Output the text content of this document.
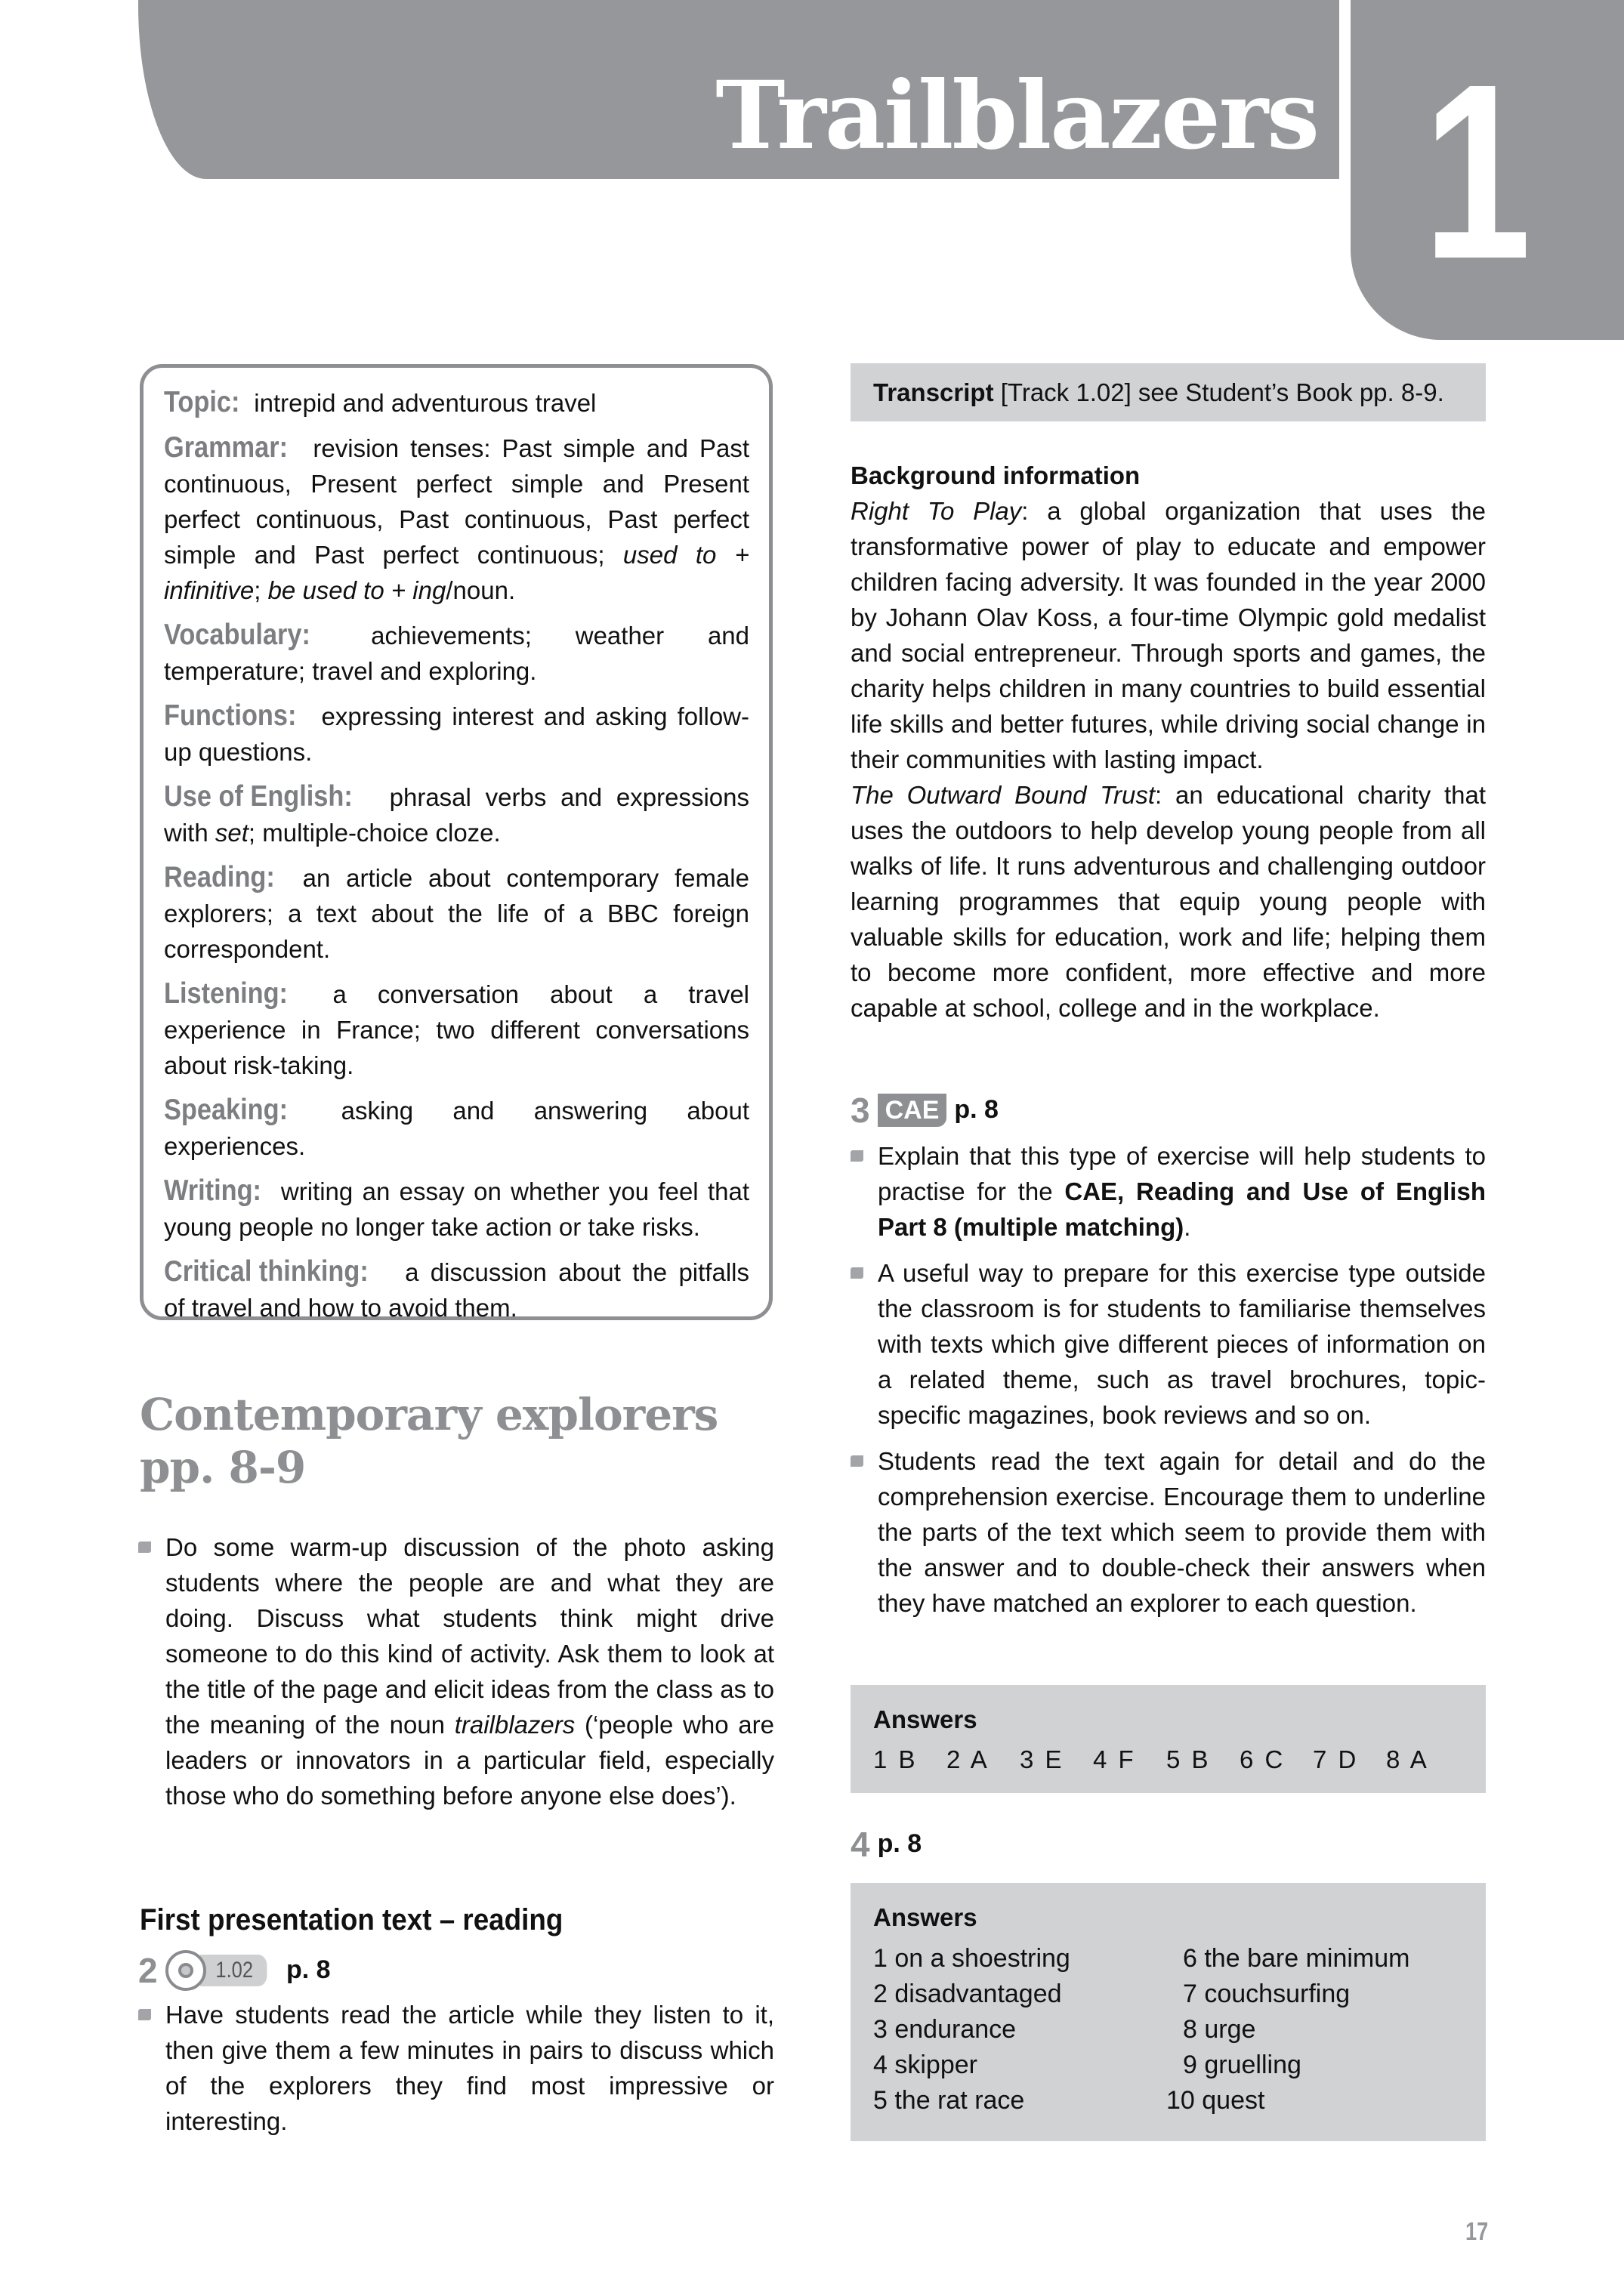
Trailblazers 1

Topic: intrepid and adventurous travel

Grammar: revision tenses: Past simple and Past continuous, Present perfect simple and Present perfect continuous, Past continuous, Past perfect simple and Past perfect continuous; used to + infinitive; be used to + ing/noun.

Vocabulary: achievements; weather and temperature; travel and exploring.

Functions: expressing interest and asking follow-up questions.

Use of English: phrasal verbs and expressions with set; multiple-choice cloze.

Reading: an article about contemporary female explorers; a text about the life of a BBC foreign correspondent.

Listening: a conversation about a travel experience in France; two different conversations about risk-taking.

Speaking: asking and answering about experiences.

Writing: writing an essay on whether you feel that young people no longer take action or take risks.

Critical thinking: a discussion about the pitfalls of travel and how to avoid them.

Contemporary explorers
pp. 8-9
Do some warm-up discussion of the photo asking students where the people are and what they are doing. Discuss what students think might drive someone to do this kind of activity. Ask them to look at the title of the page and elicit ideas from the class as to the meaning of the noun trailblazers (‘people who are leaders or innovators in a particular field, especially those who do something before anyone else does’).
First presentation text – reading
2	1.02	p. 8
Have students read the article while they listen to it, then give them a few minutes in pairs to discuss which of the explorers they find most impressive or interesting.
Transcript [Track 1.02] see Student’s Book pp. 8-9.
Background information

Right To Play: a global organization that uses the transformative power of play to educate and empower children facing adversity. It was founded in the year 2000 by Johann Olav Koss, a four-time Olympic gold medalist and social entrepreneur. Through sports and games, the charity helps children in many countries to build essential life skills and better futures, while driving social change in their communities with lasting impact.

The Outward Bound Trust: an educational charity that uses the outdoors to help develop young people from all walks of life. It runs adventurous and challenging outdoor learning programmes that equip young people with valuable skills for education, work and life; helping them to become more confident, more effective and more capable at school, college and in the workplace.

3 CAE p. 8
Explain that this type of exercise will help students to practise for the CAE, Reading and Use of English Part 8 (multiple matching).
A useful way to prepare for this exercise type outside the classroom is for students to familiarise themselves with texts which give different pieces of information on a related theme, such as travel brochures, topic-specific magazines, book reviews and so on.
Students read the text again for detail and do the comprehension exercise. Encourage them to underline the parts of the text which seem to provide them with the answer and to double-check their answers when they have matched an explorer to each question.
Answers
1 B	2 A	3 E	4 F	5 B	6 C	7 D	8 A
4 p. 8
Answers
1 on a shoestring	6 the bare minimum
2 disadvantaged	7 couchsurfing
3 endurance	8 urge
4 skipper	9 gruelling
5 the rat race	10 quest
17
